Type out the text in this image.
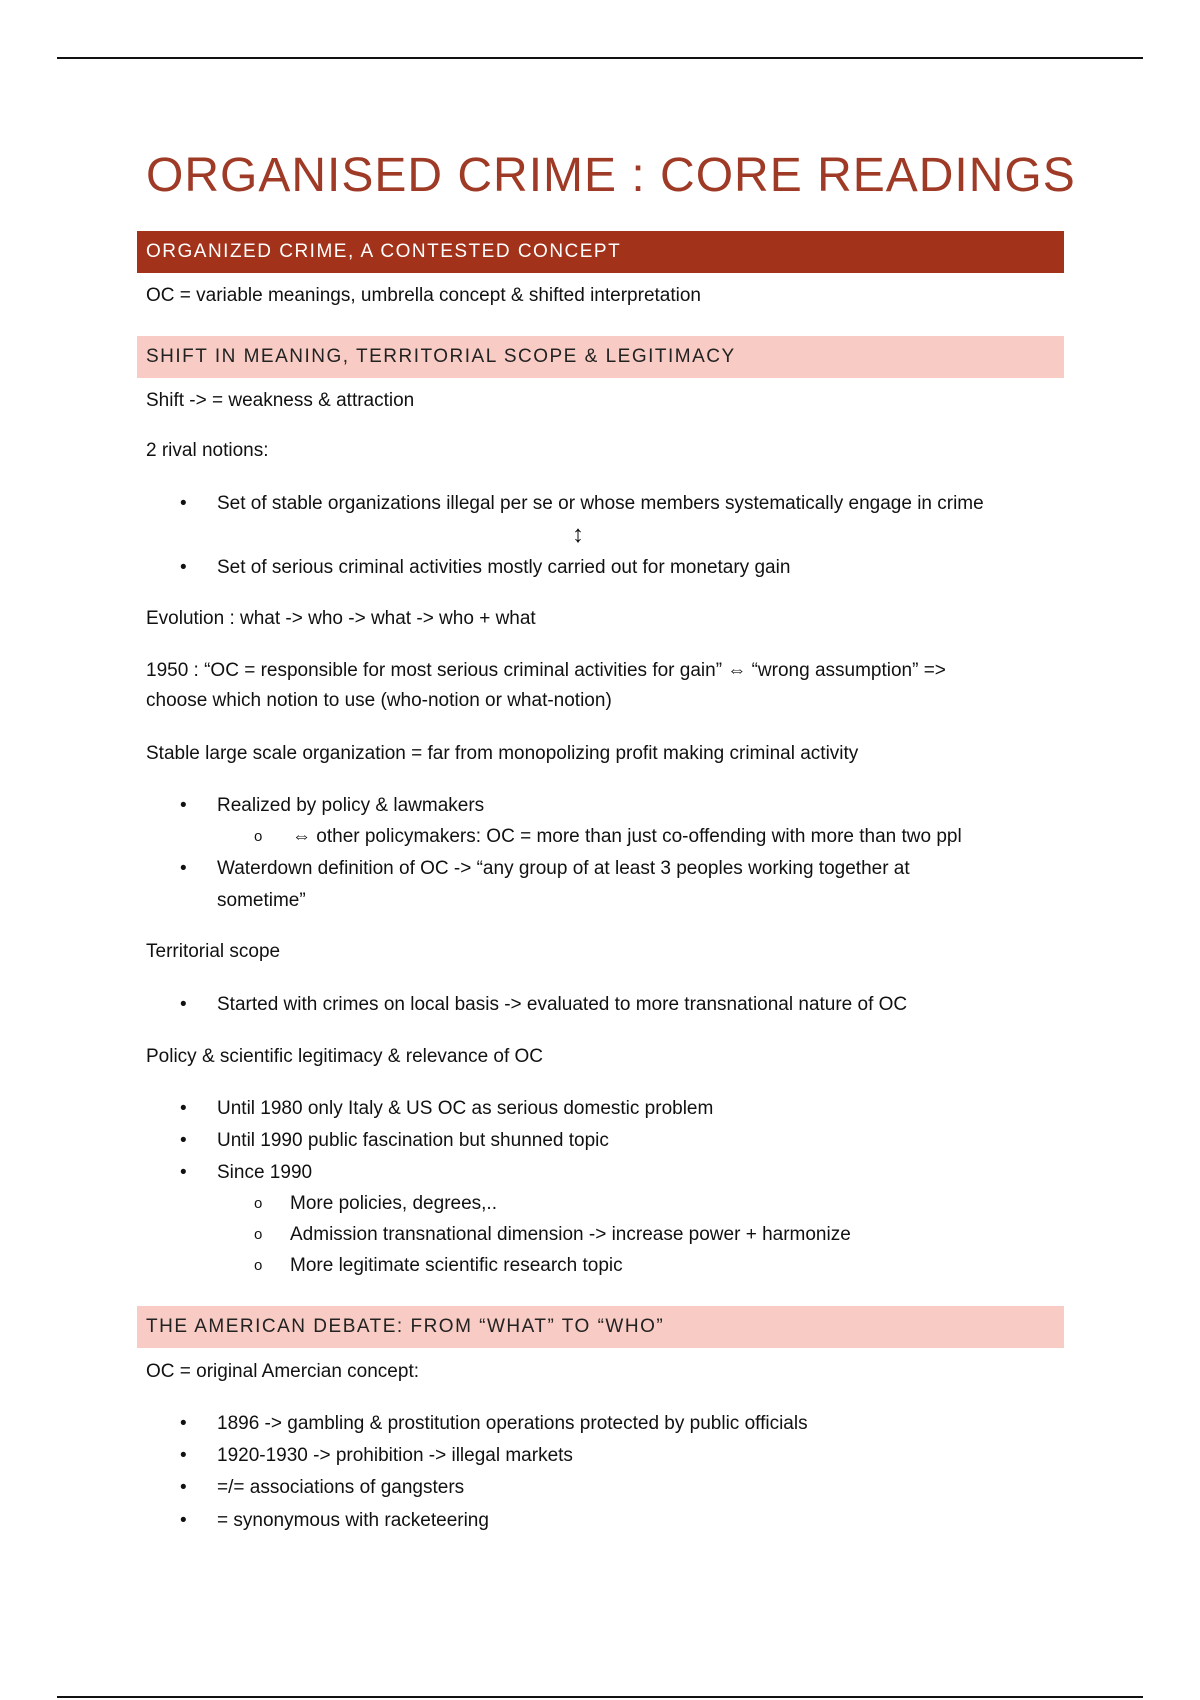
ORGANISED CRIME : CORE READINGS
ORGANIZED CRIME, A CONTESTED CONCEPT
OC = variable meanings, umbrella concept & shifted interpretation
SHIFT IN MEANING, TERRITORIAL SCOPE & LEGITIMACY
Shift -> = weakness & attraction
2 rival notions:
• Set of stable organizations illegal per se or whose members systematically engage in crime
↕
• Set of serious criminal activities mostly carried out for monetary gain
Evolution : what -> who -> what -> who + what
1950 : “OC = responsible for most serious criminal activities for gain” ⇔ “wrong assumption” =>
choose which notion to use (who-notion or what-notion)
Stable large scale organization = far from monopolizing profit making criminal activity
• Realized by policy & lawmakers
o ⇔ other policymakers: OC = more than just co-offending with more than two ppl
• Waterdown definition of OC -> “any group of at least 3 peoples working together at
sometime”
Territorial scope
• Started with crimes on local basis -> evaluated to more transnational nature of OC
Policy & scientific legitimacy & relevance of OC
• Until 1980 only Italy & US OC as serious domestic problem
• Until 1990 public fascination but shunned topic
• Since 1990
o More policies, degrees,..
o Admission transnational dimension -> increase power + harmonize
o More legitimate scientific research topic
THE AMERICAN DEBATE: FROM “WHAT” TO “WHO”
OC = original Amercian concept:
• 1896 -> gambling & prostitution operations protected by public officials
• 1920-1930 -> prohibition -> illegal markets
• =/= associations of gangsters
• = synonymous with racketeering
